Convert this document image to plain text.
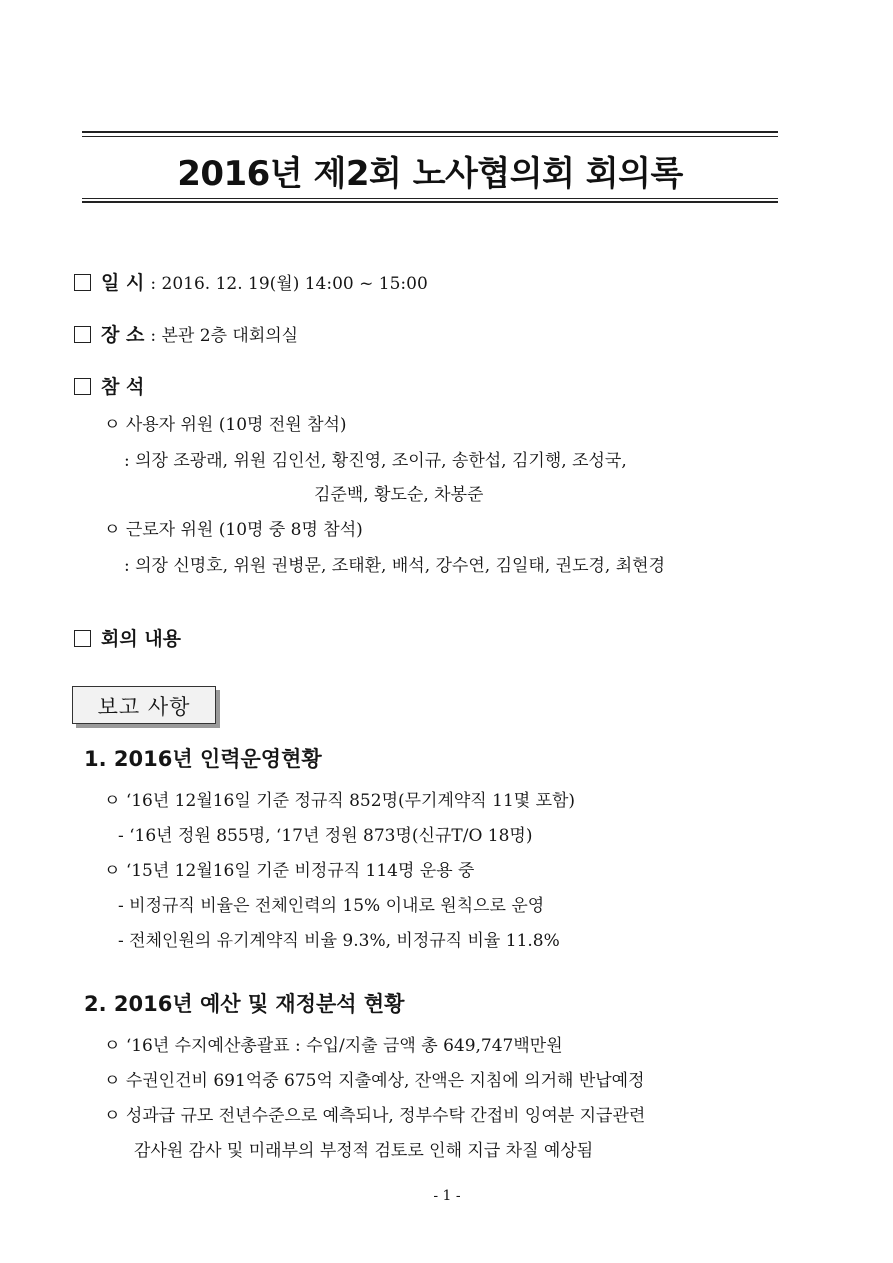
2016년 제2회 노사협의회 회의록
일 시 : 2016. 12. 19(월) 14:00 ~ 15:00
장 소 : 본관 2층 대회의실
참 석
ㅇ 사용자 위원 (10명 전원 참석)
: 의장 조광래, 위원 김인선, 황진영, 조이규, 송한섭, 김기행, 조성국,
김준백, 황도순, 차봉준
ㅇ 근로자 위원 (10명 중 8명 참석)
: 의장 신명호, 위원 권병문, 조태환, 배석, 강수연, 김일태, 권도경, 최현경
회의 내용
보고 사항
1. 2016년 인력운영현황
ㅇ ‘16년 12월16일 기준 정규직 852명(무기계약직 11몇 포함)
- ‘16년 정원 855명, ‘17년 정원 873명(신규T/O 18명)
ㅇ ‘15년 12월16일 기준 비정규직 114명 운용 중
- 비정규직 비율은 전체인력의 15% 이내로 원칙으로 운영
- 전체인원의 유기계약직 비율 9.3%, 비정규직 비율 11.8%
2. 2016년 예산 및 재정분석 현황
ㅇ ‘16년 수지예산총괄표 : 수입/지출 금액 총 649,747백만원
ㅇ 수권인건비 691억중 675억 지출예상, 잔액은 지침에 의거해 반납예정
ㅇ 성과급 규모 전년수준으로 예측되나, 정부수탁 간접비 잉여분 지급관련
감사원 감사 및 미래부의 부정적 검토로 인해 지급 차질 예상됨
- 1 -
